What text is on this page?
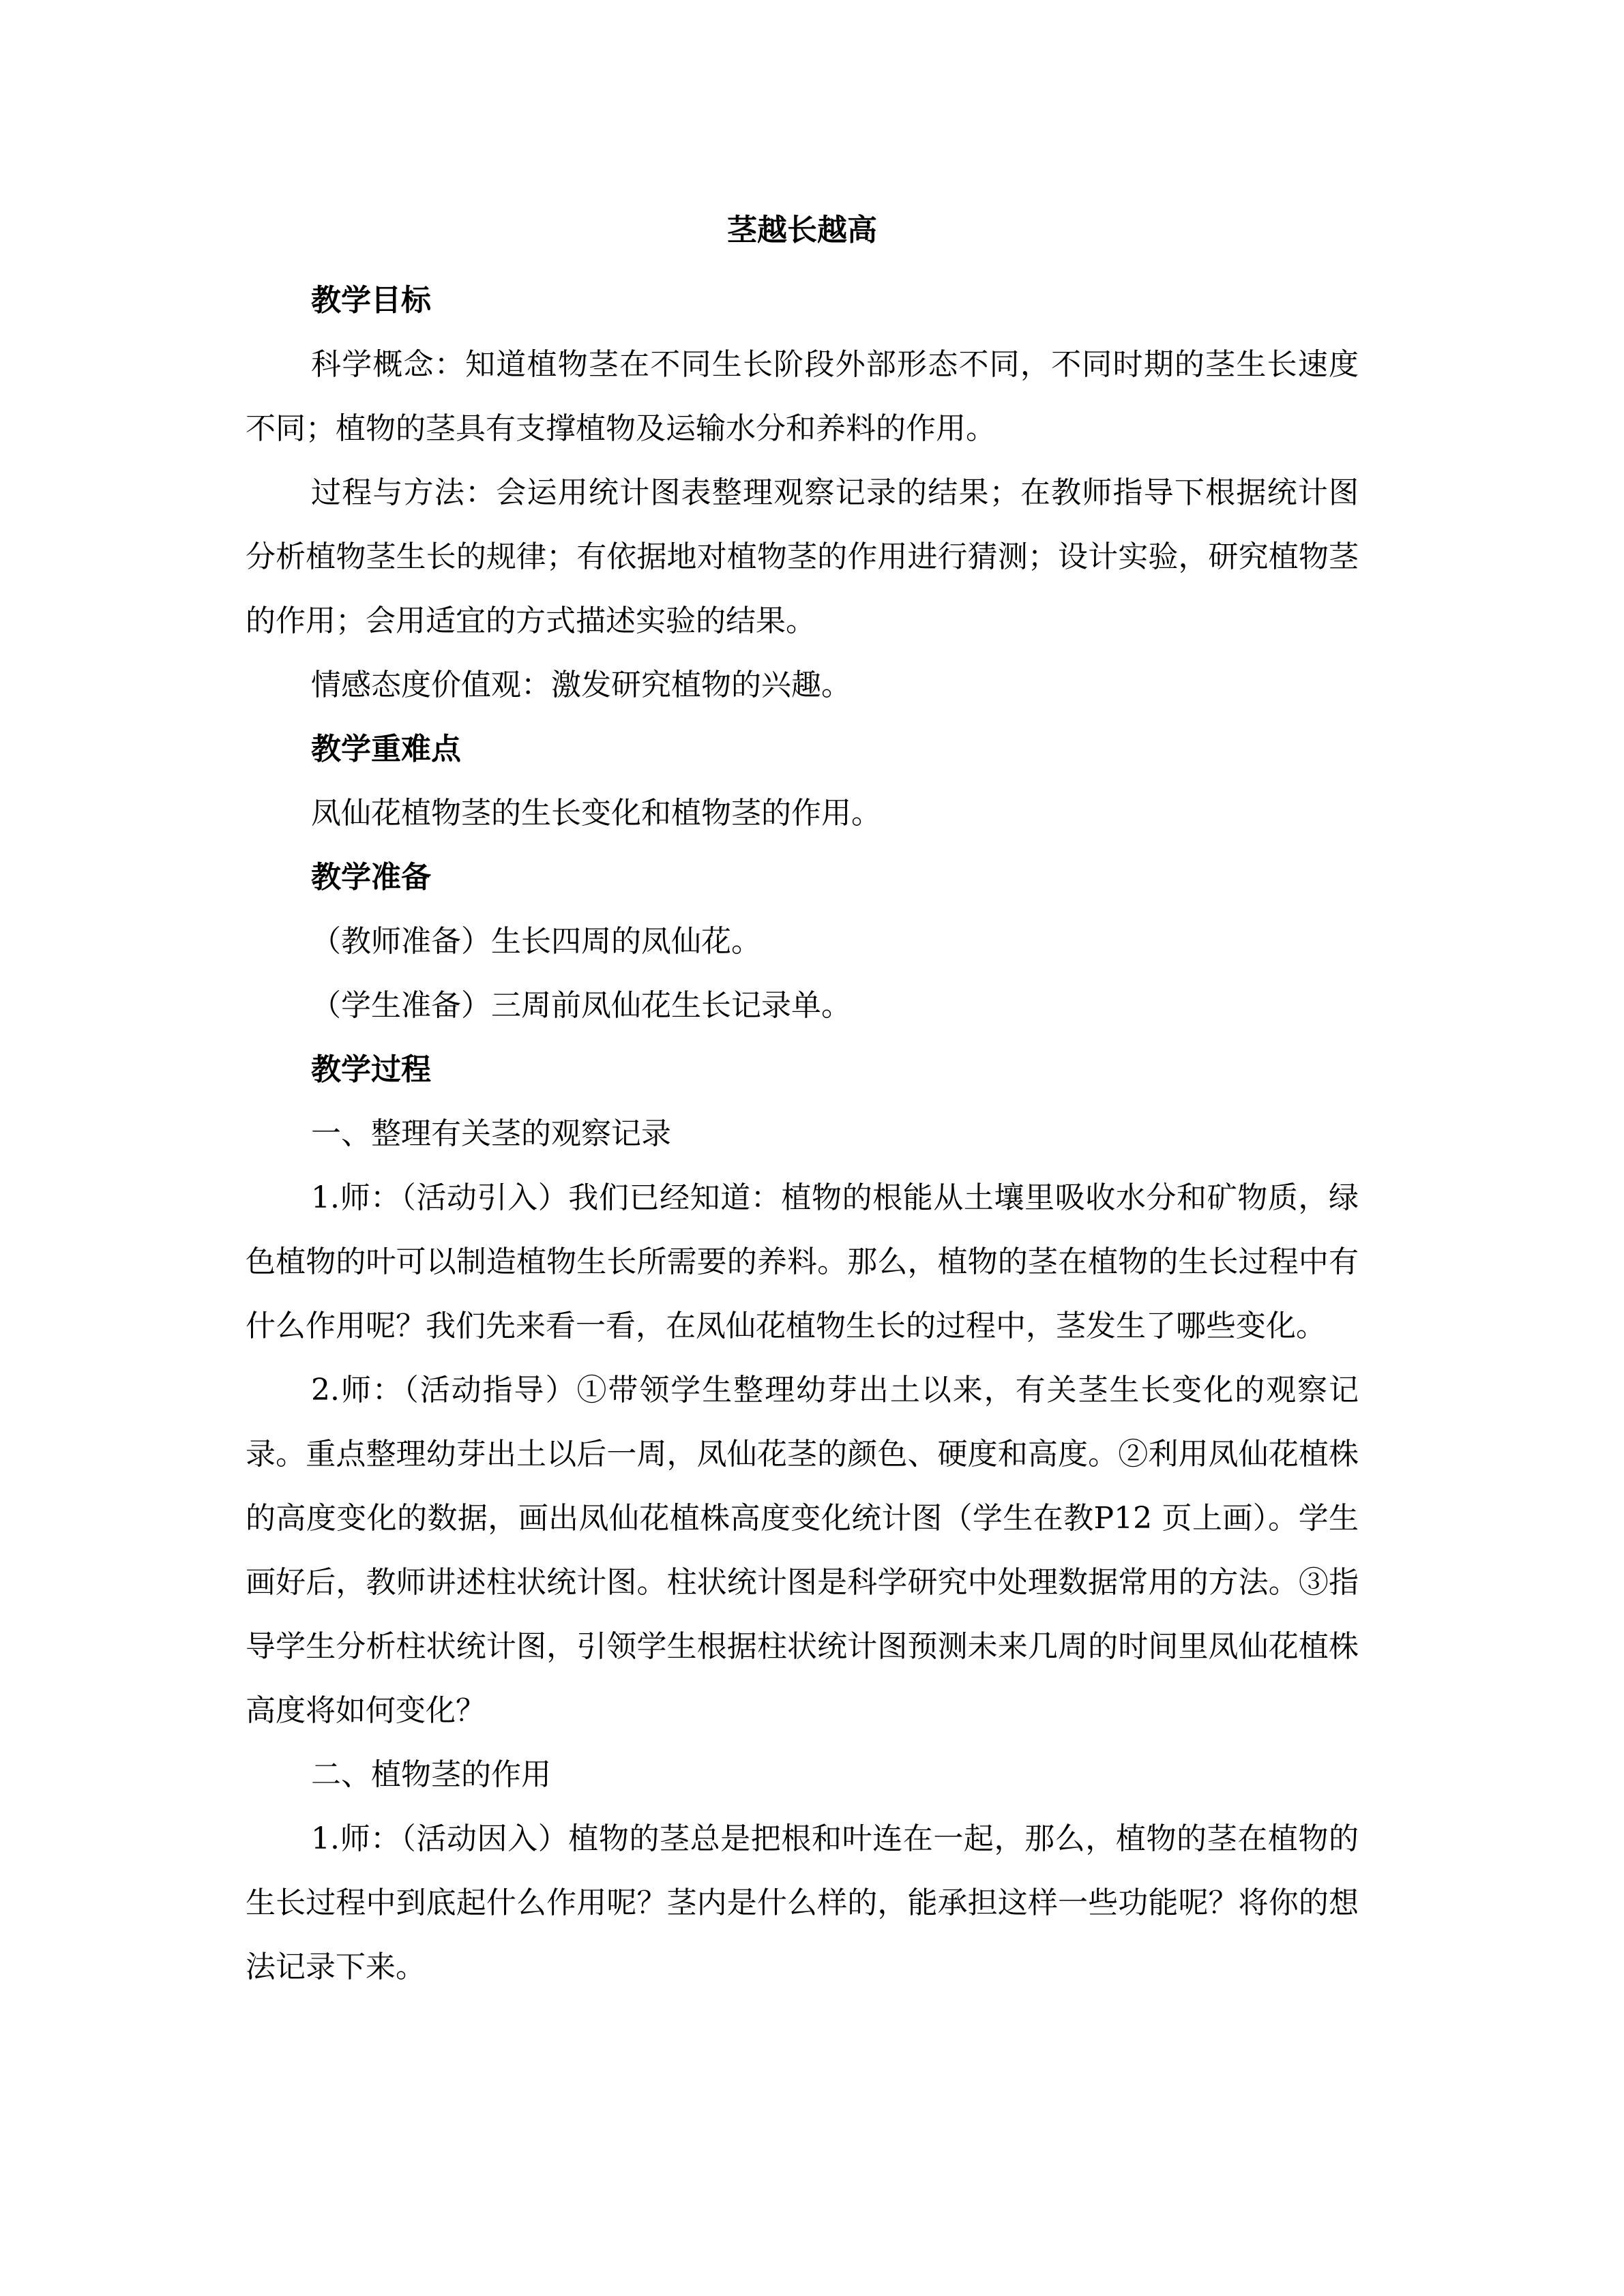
茎越长越高

教学目标

科学概念：知道植物茎在不同生长阶段外部形态不同，不同时期的茎生长速度不同；植物的茎具有支撑植物及运输水分和养料的作用。

过程与方法：会运用统计图表整理观察记录的结果；在教师指导下根据统计图分析植物茎生长的规律；有依据地对植物茎的作用进行猜测；设计实验，研究植物茎的作用；会用适宜的方式描述实验的结果。

情感态度价值观：激发研究植物的兴趣。

教学重难点

凤仙花植物茎的生长变化和植物茎的作用。

教学准备

（教师准备）生长四周的凤仙花。

（学生准备）三周前凤仙花生长记录单。

教学过程

一、整理有关茎的观察记录

1.师：（活动引入）我们已经知道：植物的根能从土壤里吸收水分和矿物质，绿色植物的叶可以制造植物生长所需要的养料。那么，植物的茎在植物的生长过程中有什么作用呢？我们先来看一看，在凤仙花植物生长的过程中，茎发生了哪些变化。

2.师：（活动指导）①带领学生整理幼芽出土以来，有关茎生长变化的观察记录。重点整理幼芽出土以后一周，凤仙花茎的颜色、硬度和高度。②利用凤仙花植株的高度变化的数据，画出凤仙花植株高度变化统计图（学生在教P12 页上画）。学生画好后，教师讲述柱状统计图。柱状统计图是科学研究中处理数据常用的方法。③指导学生分析柱状统计图，引领学生根据柱状统计图预测未来几周的时间里凤仙花植株高度将如何变化？

二、植物茎的作用

1.师：（活动因入）植物的茎总是把根和叶连在一起，那么，植物的茎在植物的生长过程中到底起什么作用呢？茎内是什么样的，能承担这样一些功能呢？将你的想法记录下来。
